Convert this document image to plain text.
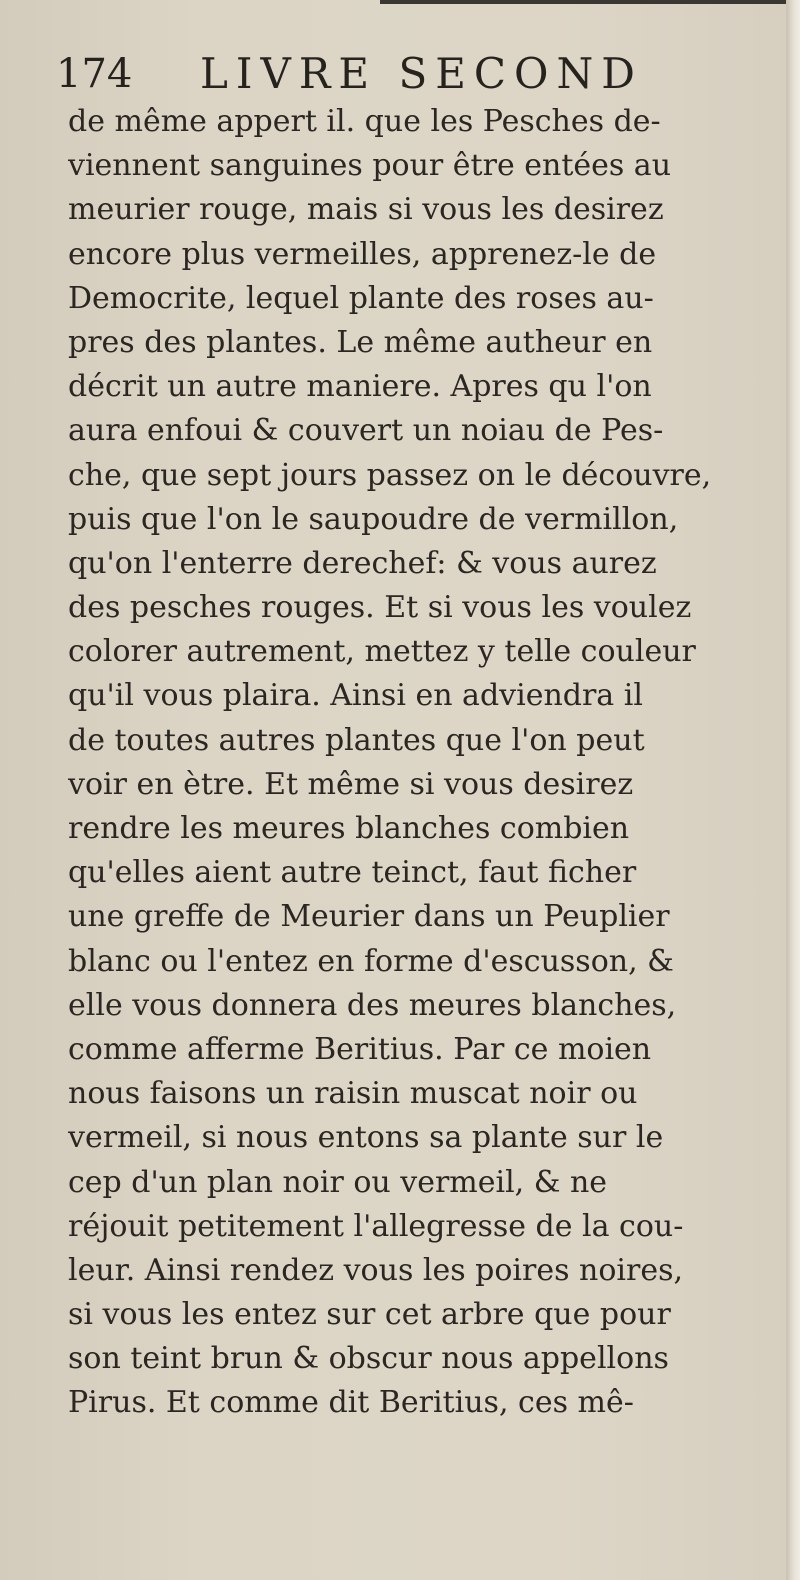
174 LIVRE SECOND
de même appert il. que les Pesches de-
viennent sanguines pour être entées au
meurier rouge, mais si vous les desirez
encore plus vermeilles, apprenez-le de
Democrite, lequel plante des roses au-
pres des plantes. Le même autheur en
décrit un autre maniere. Apres qu l'on
aura enfoui & couvert un noiau de Pes-
che, que sept jours passez on le découvre,
puis que l'on le saupoudre de vermillon,
qu'on l'enterre derechef: & vous aurez
des pesches rouges. Et si vous les voulez
colorer autrement, mettez y telle couleur
qu'il vous plaira. Ainsi en adviendra il
de toutes autres plantes que l'on peut
voir en ètre. Et même si vous desirez
rendre les meures blanches combien
qu'elles aient autre teinct, faut ficher
une greffe de Meurier dans un Peuplier
blanc ou l'entez en forme d'escusson, &
elle vous donnera des meures blanches,
comme afferme Beritius. Par ce moien
nous faisons un raisin muscat noir ou
vermeil, si nous entons sa plante sur le
cep d'un plan noir ou vermeil, & ne
réjouit petitement l'allegresse de la cou-
leur. Ainsi rendez vous les poires noires,
si vous les entez sur cet arbre que pour
son teint brun & obscur nous appellons
Pirus. Et comme dit Beritius, ces mê-
